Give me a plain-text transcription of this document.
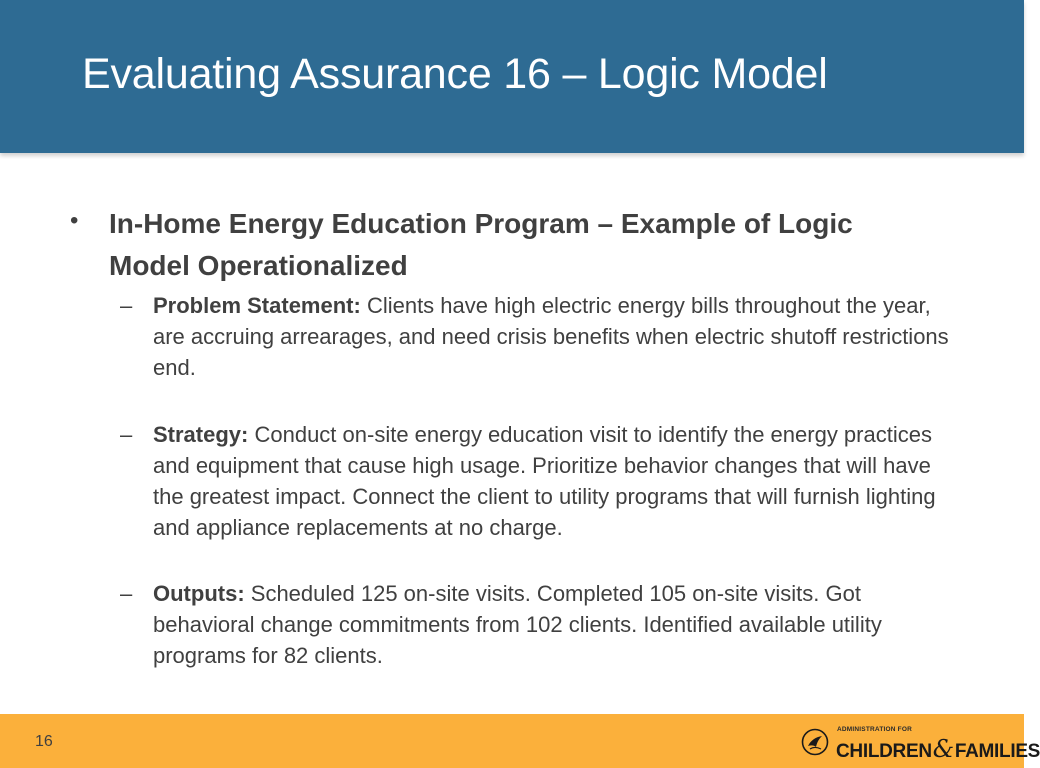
Evaluating Assurance 16 – Logic Model
• In-Home Energy Education Program – Example of Logic Model Operationalized
– Problem Statement: Clients have high electric energy bills throughout the year, are accruing arrearages, and need crisis benefits when electric shutoff restrictions end.

– Strategy: Conduct on-site energy education visit to identify the energy practices and equipment that cause high usage. Prioritize behavior changes that will have the greatest impact. Connect the client to utility programs that will furnish lighting and appliance replacements at no charge.

– Outputs: Scheduled 125 on-site visits. Completed 105 on-site visits. Got behavioral change commitments from 102 clients. Identified available utility programs for 82 clients.

16
ADMINISTRATION FOR
CHILDREN&FAMILIES
